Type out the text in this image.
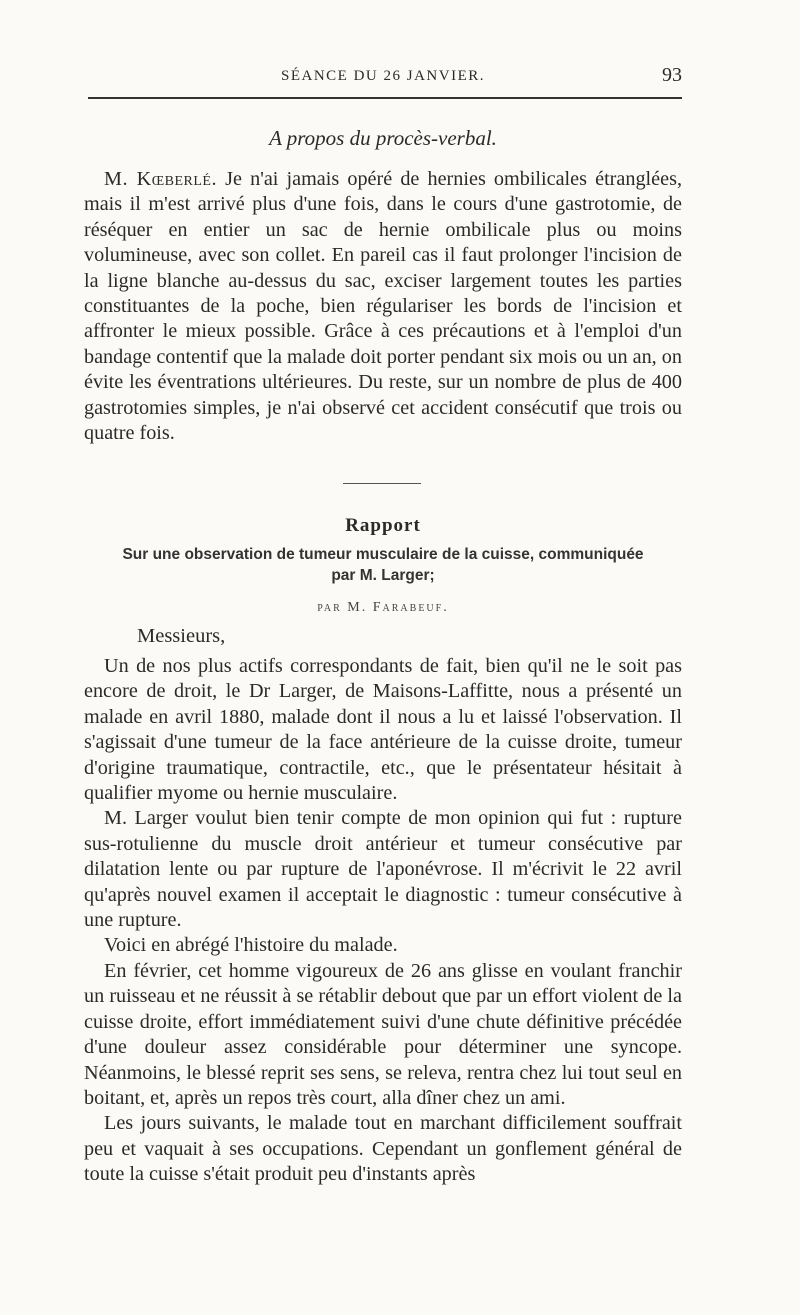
SÉANCE DU 26 JANVIER.	93
A propos du procès-verbal.

M. Kœberlé. Je n'ai jamais opéré de hernies ombilicales étranglées, mais il m'est arrivé plus d'une fois, dans le cours d'une gastrotomie, de réséquer en entier un sac de hernie ombilicale plus ou moins volumineuse, avec son collet. En pareil cas il faut prolonger l'incision de la ligne blanche au-dessus du sac, exciser largement toutes les parties constituantes de la poche, bien régulariser les bords de l'incision et affronter le mieux possible. Grâce à ces précautions et à l'emploi d'un bandage contentif que la malade doit porter pendant six mois ou un an, on évite les éventrations ultérieures. Du reste, sur un nombre de plus de 400 gastrotomies simples, je n'ai observé cet accident consécutif que trois ou quatre fois.

Rapport
Sur une observation de tumeur musculaire de la cuisse, communiquée
par M. Larger;
par M. Farabeuf.
Messieurs,

Un de nos plus actifs correspondants de fait, bien qu'il ne le soit pas encore de droit, le Dr Larger, de Maisons-Laffitte, nous a présenté un malade en avril 1880, malade dont il nous a lu et laissé l'observation. Il s'agissait d'une tumeur de la face antérieure de la cuisse droite, tumeur d'origine traumatique, contractile, etc., que le présentateur hésitait à qualifier myome ou hernie musculaire.

M. Larger voulut bien tenir compte de mon opinion qui fut : rupture sus-rotulienne du muscle droit antérieur et tumeur consécutive par dilatation lente ou par rupture de l'aponévrose. Il m'écrivit le 22 avril qu'après nouvel examen il acceptait le diagnostic : tumeur consécutive à une rupture.

Voici en abrégé l'histoire du malade.

En février, cet homme vigoureux de 26 ans glisse en voulant franchir un ruisseau et ne réussit à se rétablir debout que par un effort violent de la cuisse droite, effort immédiatement suivi d'une chute définitive précédée d'une douleur assez considérable pour déterminer une syncope. Néanmoins, le blessé reprit ses sens, se releva, rentra chez lui tout seul en boitant, et, après un repos très court, alla dîner chez un ami.

Les jours suivants, le malade tout en marchant difficilement souffrait peu et vaquait à ses occupations. Cependant un gonflement général de toute la cuisse s'était produit peu d'instants après
